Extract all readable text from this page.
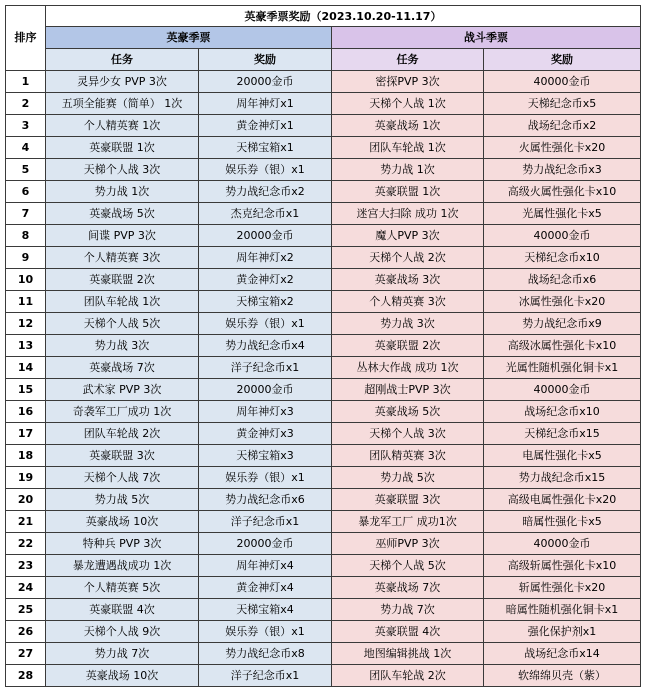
排序	英豪季票奖励（2023.10.20-11.17）			
	英豪季票		战斗季票	
	任务	奖励	任务	奖励
1	灵异少女 PVP 3次	20000金币	密探PVP 3次	40000金币
2	五项全能赛（简单） 1次	周年神灯x1	天梯个人战 1次	天梯纪念币x5
3	个人精英赛 1次	黄金神灯x1	英豪战场 1次	战场纪念币x2
4	英豪联盟 1次	天梯宝箱x1	团队车轮战 1次	火属性强化卡x20
5	天梯个人战 3次	娱乐券（银）x1	势力战 1次	势力战纪念币x3
6	势力战 1次	势力战纪念币x2	英豪联盟 1次	高级火属性强化卡x10
7	英豪战场 5次	杰克纪念币x1	迷宫大扫除 成功 1次	光属性强化卡x5
8	间谍 PVP 3次	20000金币	魔人PVP 3次	40000金币
9	个人精英赛 3次	周年神灯x2	天梯个人战 2次	天梯纪念币x10
10	英豪联盟 2次	黄金神灯x2	英豪战场 3次	战场纪念币x6
11	团队车轮战 1次	天梯宝箱x2	个人精英赛 3次	冰属性强化卡x20
12	天梯个人战 5次	娱乐券（银）x1	势力战 3次	势力战纪念币x9
13	势力战 3次	势力战纪念币x4	英豪联盟 2次	高级冰属性强化卡x10
14	英豪战场 7次	洋子纪念币x1	丛林大作战 成功 1次	光属性随机强化铜卡x1
15	武术家 PVP 3次	20000金币	超刚战士PVP 3次	40000金币
16	奇袭军工厂成功 1次	周年神灯x3	英豪战场 5次	战场纪念币x10
17	团队车轮战 2次	黄金神灯x3	天梯个人战 3次	天梯纪念币x15
18	英豪联盟 3次	天梯宝箱x3	团队精英赛 3次	电属性强化卡x5
19	天梯个人战 7次	娱乐券（银）x1	势力战 5次	势力战纪念币x15
20	势力战 5次	势力战纪念币x6	英豪联盟 3次	高级电属性强化卡x20
21	英豪战场 10次	洋子纪念币x1	暴龙军工厂 成功1次	暗属性强化卡x5
22	特种兵 PVP 3次	20000金币	巫师PVP 3次	40000金币
23	暴龙遭遇战成功 1次	周年神灯x4	天梯个人战 5次	高级斩属性强化卡x10
24	个人精英赛 5次	黄金神灯x4	英豪战场 7次	斩属性强化卡x20
25	英豪联盟 4次	天梯宝箱x4	势力战 7次	暗属性随机强化铜卡x1
26	天梯个人战 9次	娱乐券（银）x1	英豪联盟 4次	强化保护剂x1
27	势力战 7次	势力战纪念币x8	地图编辑挑战 1次	战场纪念币x14
28	英豪战场 10次	洋子纪念币x1	团队车轮战 2次	软绵绵贝壳（紫）
